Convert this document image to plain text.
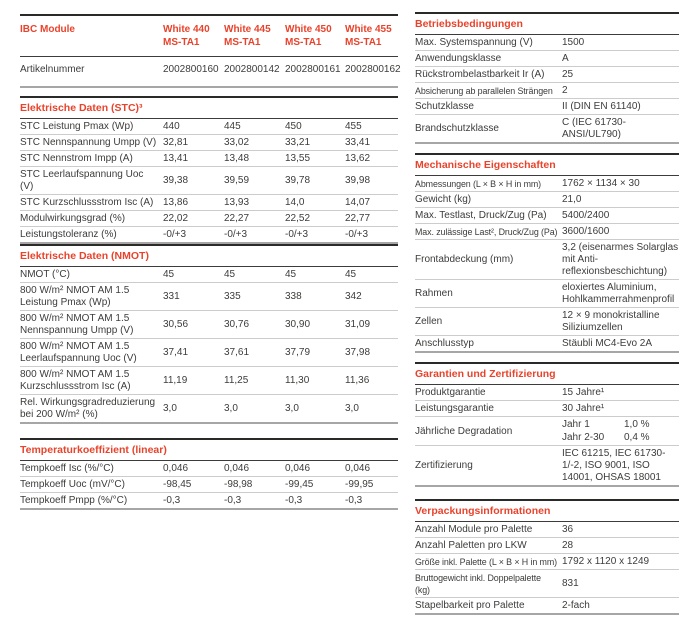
IBC Module	White 440
MS-TA1
White 445
MS-TA1
White 450
MS-TA1
White 455
MS-TA1
Artikelnummer	2002800160 2002800142 2002800161 2002800162
Elektrische Daten (STC)³
STC Leistung Pmax (Wp)	440	445	450	455
STC Nennspannung Umpp (V) 32,81	33,02	33,21	33,41
STC Nennstrom Impp (A)	13,41	13,48	13,55	13,62
STC Leerlaufspannung Uoc (V)
39,38	39,59	39,78	39,98
STC Kurzschlussstrom Isc (A) 13,86	13,93	14,0	14,07
Modulwirkungsgrad (%)	22,02	22,27	22,52	22,77
Leistungstoleranz (%)	-0/+3	-0/+3	-0/+3	-0/+3
Elektrische Daten (NMOT)
NMOT (°C)	45	45	45	45
800 W/m² NMOT AM 1.5 Leistung Pmax (Wp)
331	335	338	342
800 W/m² NMOT AM 1.5 Nennspannung Umpp (V)
30,56	30,76	30,90	31,09
800 W/m² NMOT AM 1.5 Leerlaufspannung Uoc (V)
37,41	37,61	37,79	37,98
800 W/m² NMOT AM 1.5 Kurzschlussstrom Isc (A)
11,19	11,25	11,30	11,36
Rel. Wirkungsgradreduzierung bei 200 W/m² (%)
3,0	3,0	3,0	3,0
Temperaturkoeffizient (linear)
Tempkoeff Isc (%/°C)	0,046	0,046	0,046	0,046
Tempkoeff Uoc (mV/°C)	-98,45	-98,98	-99,45	-99,95
Tempkoeff Pmpp (%/°C)	-0,3	-0,3	-0,3	-0,3
Betriebsbedingungen
Max. Systemspannung (V)	1500
Anwendungsklasse	A
Rückstrombelastbarkeit Ir (A)	25
Absicherung ab parallelen Strängen 2
Schutzklasse	II (DIN EN 61140)
Brandschutzklasse
C (IEC 61730-ANSI/UL790)
Mechanische Eigenschaften
Abmessungen (L × B × H in mm)	1762 × 1134 × 30
Gewicht (kg)	21,0
Max. Testlast, Druck/Zug (Pa)	5400/2400
Max. zulässige Last², Druck/Zug (Pa) 3600/1600
Frontabdeckung (mm)
3,2 (eisenarmes Solarglas mit Anti-reflexionsbeschichtung)
Rahmen
eloxiertes Aluminium, Hohlkammerrahmenprofil
Zellen
12 × 9 monokristalline Siliziumzellen
Anschlusstyp	Stäubli MC4-Evo 2A
Garantien und Zertifizierung
Produktgarantie	15 Jahre¹
Leistungsgarantie	30 Jahre¹
Jährliche Degradation
Jahr 1	1,0 %
Jahr 2-30	0,4 %
Zertifizierung
IEC 61215, IEC 61730-1/-2, ISO 9001, ISO 14001, OHSAS 18001
Verpackungsinformationen
Anzahl Module pro Palette	36
Anzahl Paletten pro LKW	28
Größe inkl. Palette (L × B × H in mm) 1792 x 1120 x 1249
Bruttogewicht inkl. Doppelpalette (kg)
831
Stapelbarkeit pro Palette	2-fach
